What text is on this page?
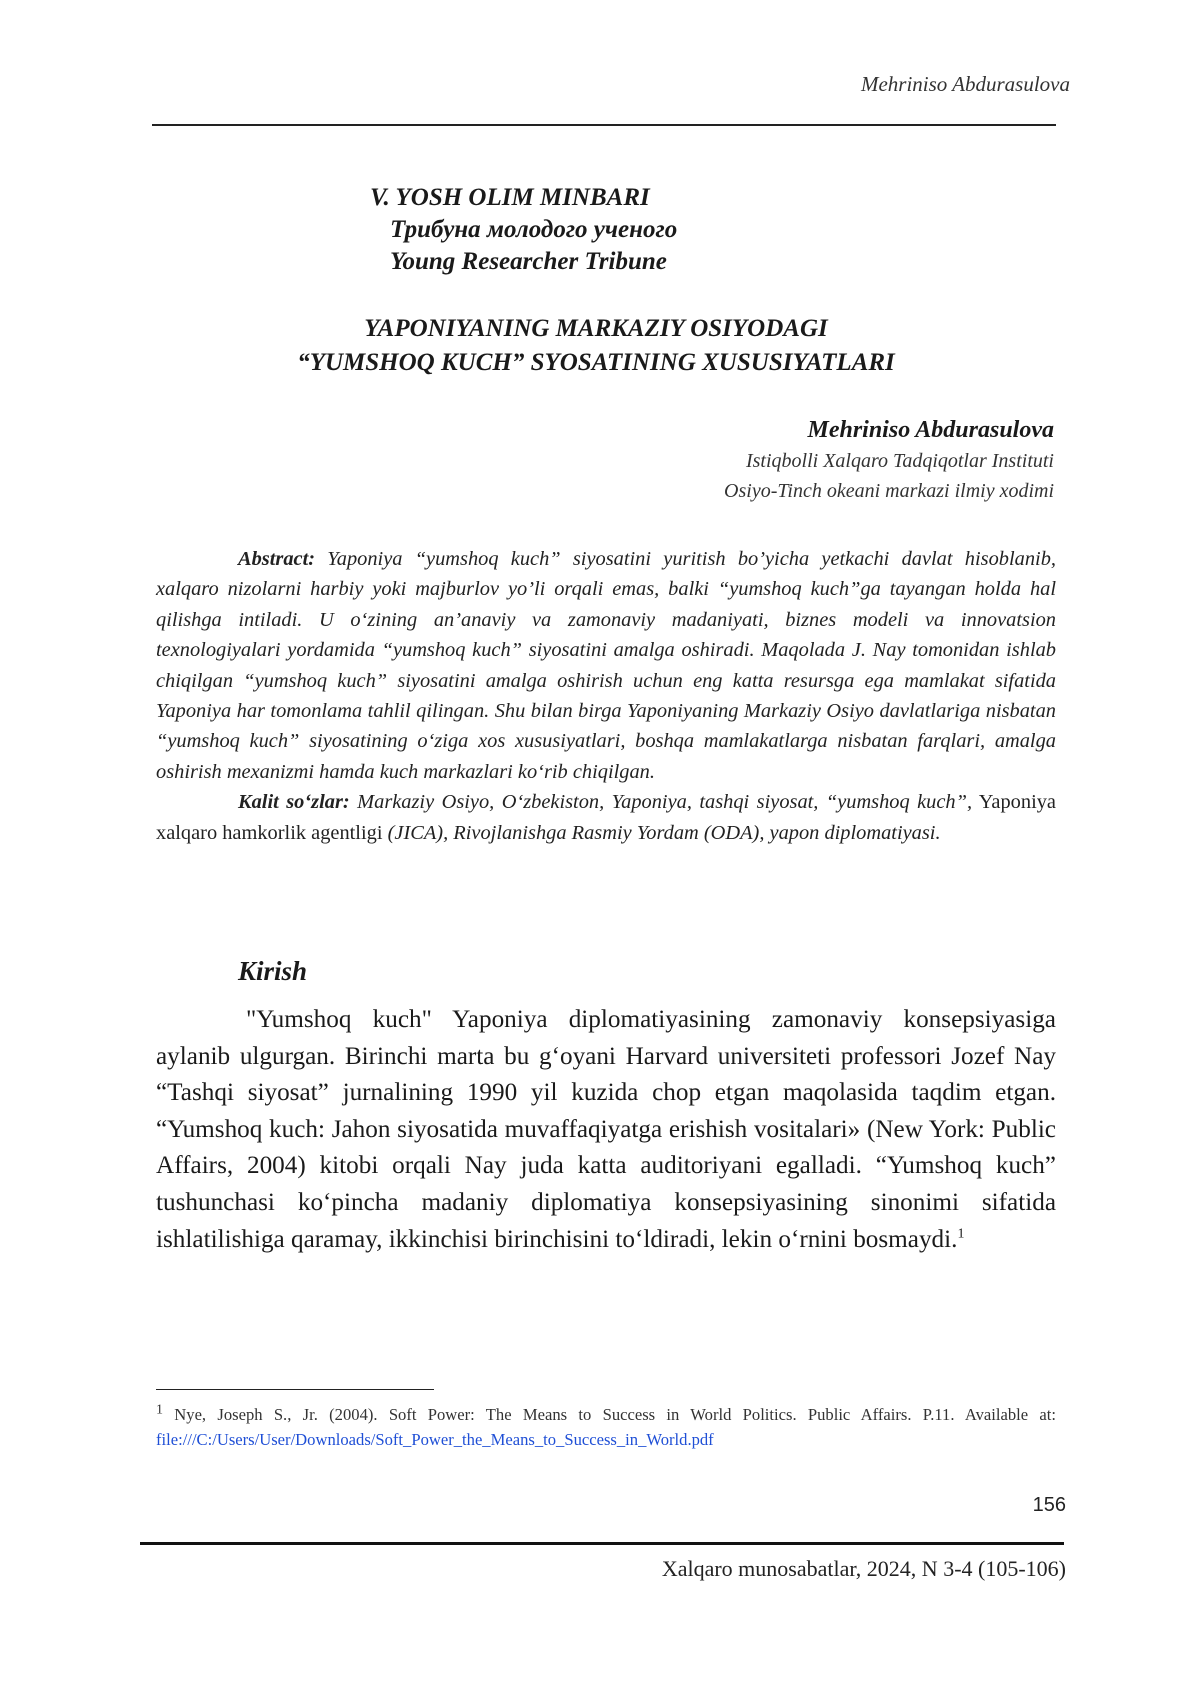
Mehriniso Abdurasulova
V. YOSH OLIM MINBARI
Трибуна молодого ученого
Young Researcher Tribune
YAPONIYANING MARKAZIY OSIYODAGI
“YUMSHOQ KUCH” SYOSATINING XUSUSIYATLARI
Mehriniso Abdurasulova
Istiqbolli Xalqaro Tadqiqotlar Instituti
Osiyo-Tinch okeani markazi ilmiy xodimi

Abstract: Yaponiya “yumshoq kuch” siyosatini yuritish bo’yicha yetkachi davlat hisoblanib, xalqaro nizolarni harbiy yoki majburlov yo’li orqali emas, balki “yumshoq kuch”ga tayangan holda hal qilishga intiladi. U o‘zining an’anaviy va zamonaviy madaniyati, biznes modeli va innovatsion texnologiyalari yordamida “yumshoq kuch” siyosatini amalga oshiradi. Maqolada J. Nay tomonidan ishlab chiqilgan “yumshoq kuch” siyosatini amalga oshirish uchun eng katta resursga ega mamlakat sifatida Yaponiya har tomonlama tahlil qilingan. Shu bilan birga Yaponiyaning Markaziy Osiyo davlatlariga nisbatan “yumshoq kuch” siyosatining o‘ziga xos xususiyatlari, boshqa mamlakatlarga nisbatan farqlari, amalga oshirish mexanizmi hamda kuch markazlari ko‘rib chiqilgan.

Kalit so‘zlar: Markaziy Osiyo, O‘zbekiston, Yaponiya, tashqi siyosat, “yumshoq kuch”, Yaponiya xalqaro hamkorlik agentligi (JICA), Rivojlanishga Rasmiy Yordam (ODA), yapon diplomatiyasi.

Kirish

"Yumshoq kuch" Yaponiya diplomatiyasining zamonaviy konsepsiyasiga aylanib ulgurgan. Birinchi marta bu g‘oyani Harvard universiteti professori Jozef Nay “Tashqi siyosat” jurnalining 1990 yil kuzida chop etgan maqolasida taqdim etgan. “Yumshoq kuch: Jahon siyosatida muvaffaqiyatga erishish vositalari» (New York: Public Affairs, 2004) kitobi orqali Nay juda katta auditoriyani egalladi. “Yumshoq kuch” tushunchasi ko‘pincha madaniy diplomatiya konsepsiyasining sinonimi sifatida ishlatilishiga qaramay, ikkinchisi birinchisini to‘ldiradi, lekin o‘rnini bosmaydi.$^1$

$^1$ Nye, Joseph S., Jr. (2004). Soft Power: The Means to Success in World Politics. Public Affairs. P.11. Available at: file:///C:/Users/User/Downloads/Soft_Power_the_Means_to_Success_in_World.pdf
156
Xalqaro munosabatlar, 2024, N 3-4 (105-106)
